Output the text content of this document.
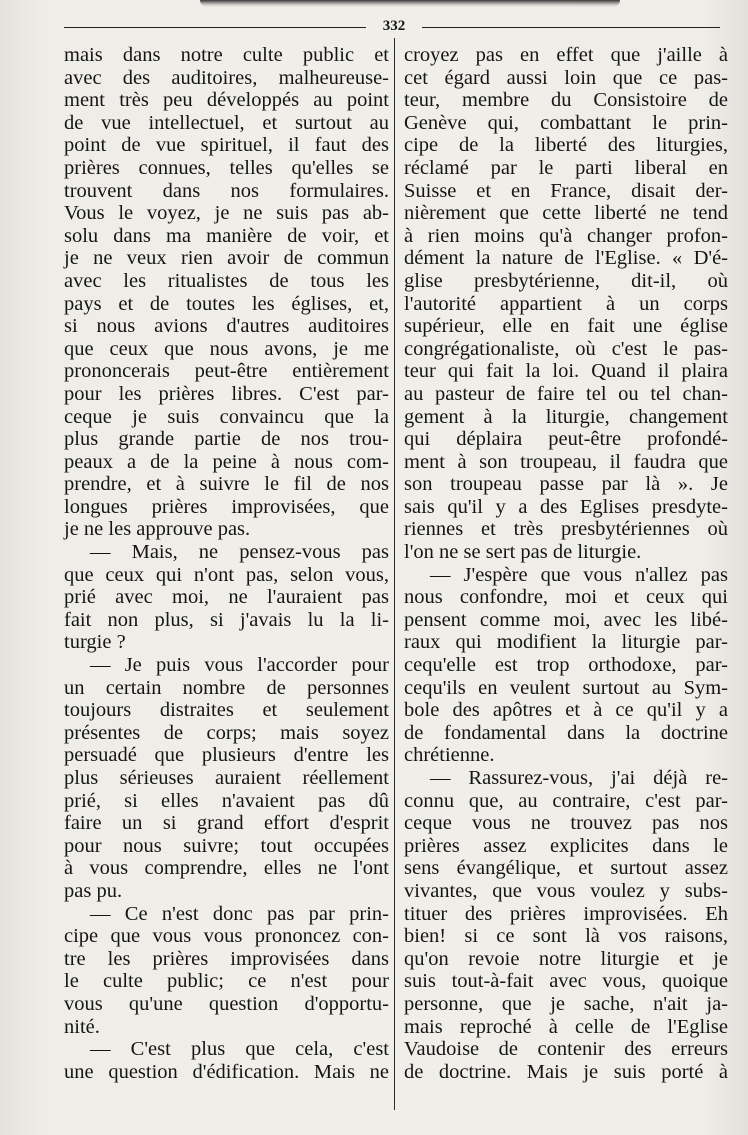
332
mais dans notre culte public et
avec des auditoires, malheureuse-
ment très peu développés au point
de vue intellectuel, et surtout au
point de vue spirituel, il faut des
prières connues, telles qu'elles se
trouvent dans nos formulaires.
Vous le voyez, je ne suis pas ab-
solu dans ma manière de voir, et
je ne veux rien avoir de commun
avec les ritualistes de tous les
pays et de toutes les églises, et,
si nous avions d'autres auditoires
que ceux que nous avons, je me
prononcerais peut-être entièrement
pour les prières libres. C'est par-
ceque je suis convaincu que la
plus grande partie de nos trou-
peaux a de la peine à nous com-
prendre, et à suivre le fil de nos
longues prières improvisées, que
je ne les approuve pas.
— Mais, ne pensez-vous pas
que ceux qui n'ont pas, selon vous,
prié avec moi, ne l'auraient pas
fait non plus, si j'avais lu la li-
turgie ?
— Je puis vous l'accorder pour
un certain nombre de personnes
toujours distraites et seulement
présentes de corps; mais soyez
persuadé que plusieurs d'entre les
plus sérieuses auraient réellement
prié, si elles n'avaient pas dû
faire un si grand effort d'esprit
pour nous suivre; tout occupées
à vous comprendre, elles ne l'ont
pas pu.
— Ce n'est donc pas par prin-
cipe que vous vous prononcez con-
tre les prières improvisées dans
le culte public; ce n'est pour
vous qu'une question d'opportu-
nité.
— C'est plus que cela, c'est
une question d'édification. Mais ne
croyez pas en effet que j'aille à
cet égard aussi loin que ce pas-
teur, membre du Consistoire de
Genève qui, combattant le prin-
cipe de la liberté des liturgies,
réclamé par le parti liberal en
Suisse et en France, disait der-
nièrement que cette liberté ne tend
à rien moins qu'à changer profon-
dément la nature de l'Eglise. « D'é-
glise presbytérienne, dit-il, où
l'autorité appartient à un corps
supérieur, elle en fait une église
congrégationaliste, où c'est le pas-
teur qui fait la loi. Quand il plaira
au pasteur de faire tel ou tel chan-
gement à la liturgie, changement
qui déplaira peut-être profondé-
ment à son troupeau, il faudra que
son troupeau passe par là ». Je
sais qu'il y a des Eglises presdyte-
riennes et très presbytériennes où
l'on ne se sert pas de liturgie.
— J'espère que vous n'allez pas
nous confondre, moi et ceux qui
pensent comme moi, avec les libé-
raux qui modifient la liturgie par-
cequ'elle est trop orthodoxe, par-
cequ'ils en veulent surtout au Sym-
bole des apôtres et à ce qu'il y a
de fondamental dans la doctrine
chrétienne.
— Rassurez-vous, j'ai déjà re-
connu que, au contraire, c'est par-
ceque vous ne trouvez pas nos
prières assez explicites dans le
sens évangélique, et surtout assez
vivantes, que vous voulez y subs-
tituer des prières improvisées. Eh
bien! si ce sont là vos raisons,
qu'on revoie notre liturgie et je
suis tout-à-fait avec vous, quoique
personne, que je sache, n'ait ja-
mais reproché à celle de l'Eglise
Vaudoise de contenir des erreurs
de doctrine. Mais je suis porté à
